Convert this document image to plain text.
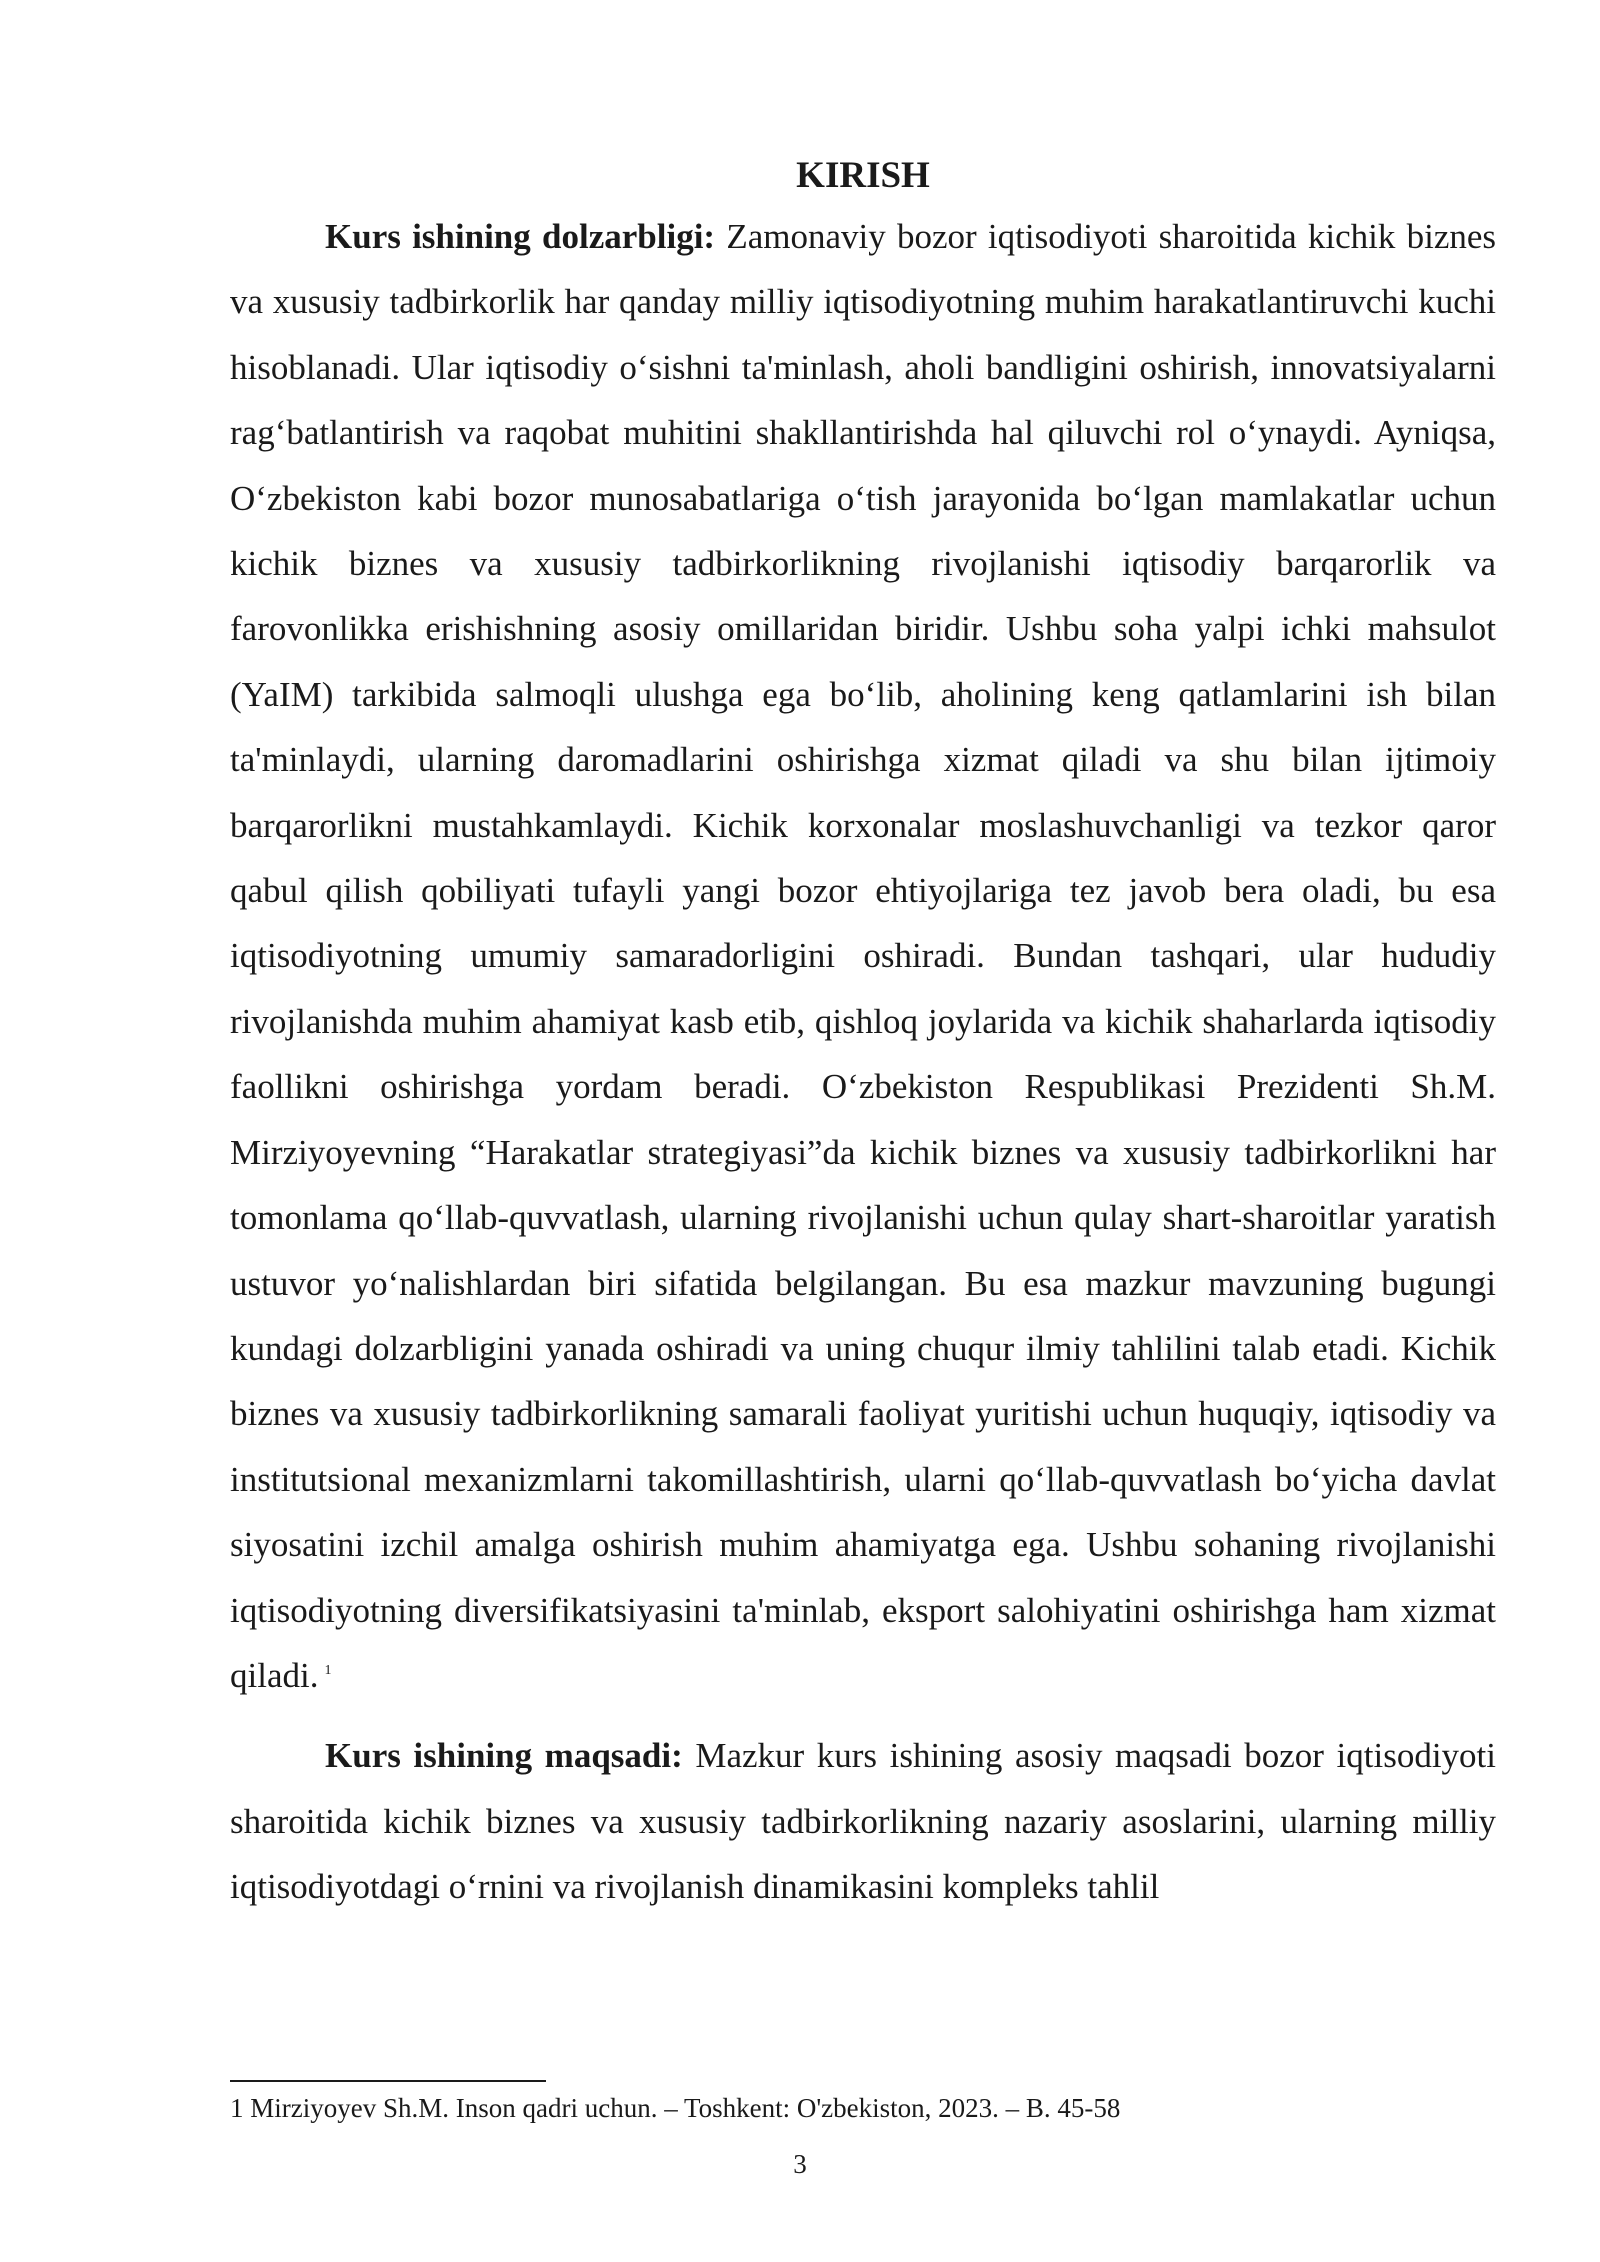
KIRISH

Kurs ishining dolzarbligi: Zamonaviy bozor iqtisodiyoti sharoitida kichik biznes va xususiy tadbirkorlik har qanday milliy iqtisodiyotning muhim harakatlantiruvchi kuchi hisoblanadi. Ular iqtisodiy o‘sishni ta'minlash, aholi bandligini oshirish, innovatsiyalarni rag‘batlantirish va raqobat muhitini shakllantirishda hal qiluvchi rol o‘ynaydi. Ayniqsa, O‘zbekiston kabi bozor munosabatlariga o‘tish jarayonida bo‘lgan mamlakatlar uchun kichik biznes va xususiy tadbirkorlikning rivojlanishi iqtisodiy barqarorlik va farovonlikka erishishning asosiy omillaridan biridir. Ushbu soha yalpi ichki mahsulot (YaIM) tarkibida salmoqli ulushga ega bo‘lib, aholining keng qatlamlarini ish bilan ta'minlaydi, ularning daromadlarini oshirishga xizmat qiladi va shu bilan ijtimoiy barqarorlikni mustahkamlaydi. Kichik korxonalar moslashuvchanligi va tezkor qaror qabul qilish qobiliyati tufayli yangi bozor ehtiyojlariga tez javob bera oladi, bu esa iqtisodiyotning umumiy samaradorligini oshiradi. Bundan tashqari, ular hududiy rivojlanishda muhim ahamiyat kasb etib, qishloq joylarida va kichik shaharlarda iqtisodiy faollikni oshirishga yordam beradi. O‘zbekiston Respublikasi Prezidenti Sh.M. Mirziyoyevning “Harakatlar strategiyasi”da kichik biznes va xususiy tadbirkorlikni har tomonlama qo‘llab-quvvatlash, ularning rivojlanishi uchun qulay shart-sharoitlar yaratish ustuvor yo‘nalishlardan biri sifatida belgilangan. Bu esa mazkur mavzuning bugungi kundagi dolzarbligini yanada oshiradi va uning chuqur ilmiy tahlilini talab etadi. Kichik biznes va xususiy tadbirkorlikning samarali faoliyat yuritishi uchun huquqiy, iqtisodiy va institutsional mexanizmlarni takomillashtirish, ularni qo‘llab-quvvatlash bo‘yicha davlat siyosatini izchil amalga oshirish muhim ahamiyatga ega. Ushbu sohaning rivojlanishi iqtisodiyotning diversifikatsiyasini ta'minlab, eksport salohiyatini oshirishga ham xizmat qiladi. $^1$

Kurs ishining maqsadi: Mazkur kurs ishining asosiy maqsadi bozor iqtisodiyoti sharoitida kichik biznes va xususiy tadbirkorlikning nazariy asoslarini, ularning milliy iqtisodiyotdagi o‘rnini va rivojlanish dinamikasini kompleks tahlil

1 Mirziyoyev Sh.M. Inson qadri uchun. – Toshkent: O'zbekiston, 2023. – B. 45-58
3
